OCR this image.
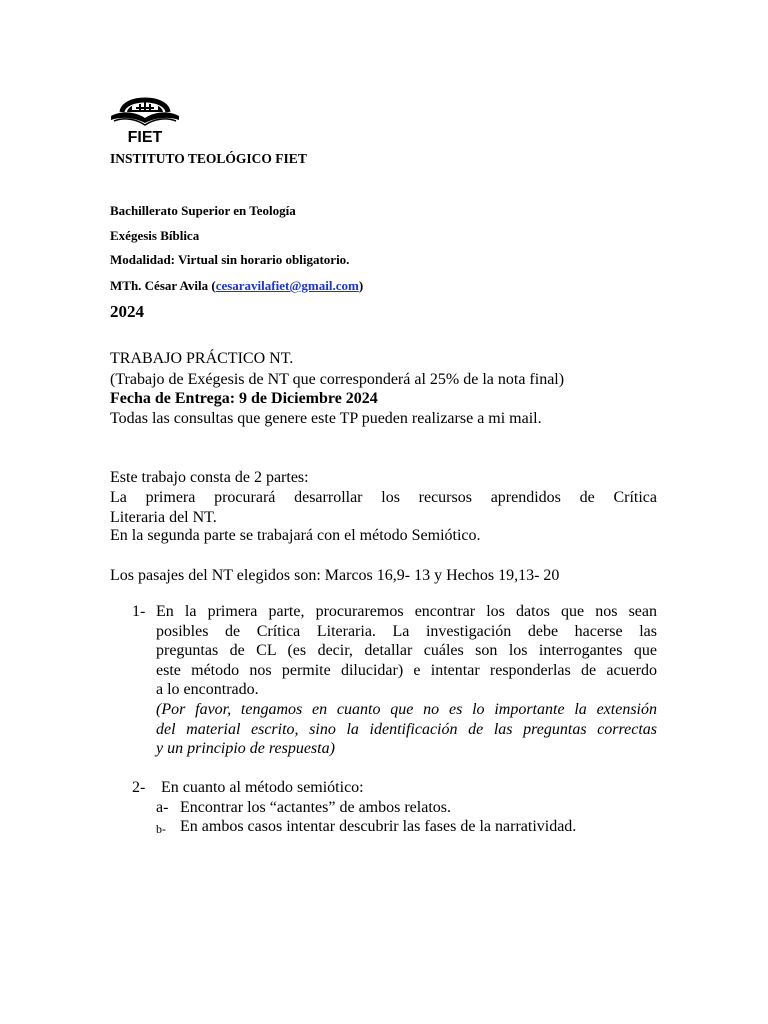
FIET
INSTITUTO TEOLÓGICO FIET
Bachillerato Superior en Teología
Exégesis Bíblica
Modalidad: Virtual sin horario obligatorio.
MTh. César Avila (cesaravilafiet@gmail.com)
2024
TRABAJO PRÁCTICO NT.
(Trabajo de Exégesis de NT que corresponderá al 25% de la nota final)
Fecha de Entrega: 9 de Diciembre 2024
Todas las consultas que genere este TP pueden realizarse a mi mail.
Este trabajo consta de 2 partes:
La primera procurará desarrollar los recursos aprendidos de Crítica
Literaria del NT.
En la segunda parte se trabajará con el método Semiótico.
Los pasajes del NT elegidos son: Marcos 16,9- 13 y Hechos 19,13- 20
1- En la primera parte, procuraremos encontrar los datos que nos sean
posibles de Crítica Literaria. La investigación debe hacerse las
preguntas de CL (es decir, detallar cuáles son los interrogantes que
este método nos permite dilucidar) e intentar responderlas de acuerdo
a lo encontrado.
(Por favor, tengamos en cuanto que no es lo importante la extensión
del material escrito, sino la identificación de las preguntas correctas
y un principio de respuesta)
2- En cuanto al método semiótico:
a- Encontrar los “actantes” de ambos relatos.
b- En ambos casos intentar descubrir las fases de la narratividad.
